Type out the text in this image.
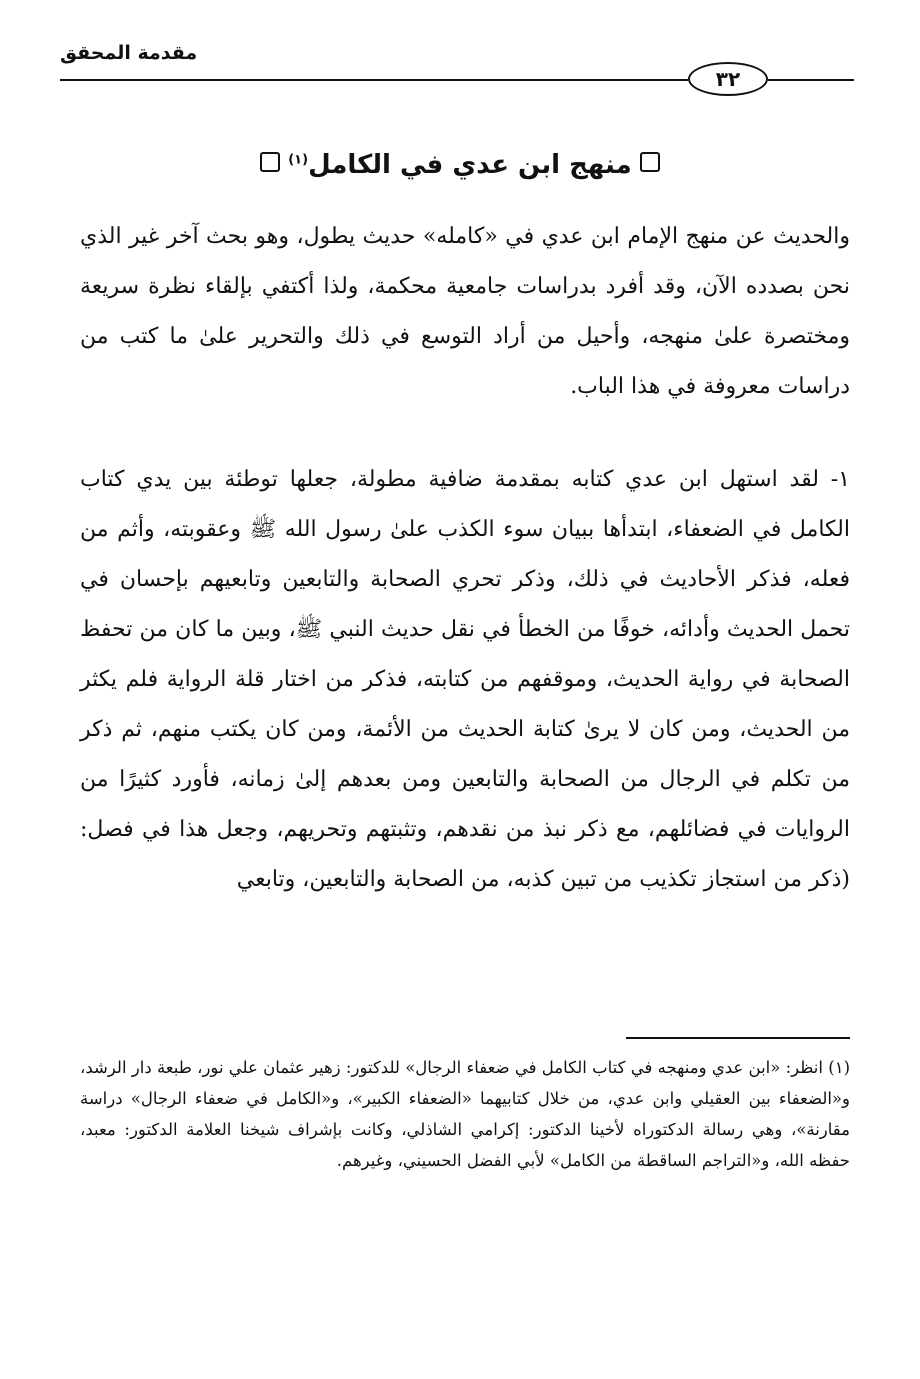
مقدمة المحقق
٣٢
منهج ابن عدي في الكامل$^{(١)}$

والحديث عن منهج الإمام ابن عدي في «كامله» حديث يطول، وهو بحث آخر غير الذي نحن بصدده الآن، وقد أفرد بدراسات جامعية محكمة، ولذا أكتفي بإلقاء نظرة سريعة ومختصرة علىٰ منهجه، وأحيل من أراد التوسع في ذلك والتحرير علىٰ ما كتب من دراسات معروفة في هذا الباب.

١- لقد استهل ابن عدي كتابه بمقدمة ضافية مطولة، جعلها توطئة بين يدي كتاب الكامل في الضعفاء، ابتدأها ببيان سوء الكذب علىٰ رسول الله ﷺ وعقوبته، وأثم من فعله، فذكر الأحاديث في ذلك، وذكر تحري الصحابة والتابعين وتابعيهم بإحسان في تحمل الحديث وأدائه، خوفًا من الخطأ في نقل حديث النبي ﷺ، وبين ما كان من تحفظ الصحابة في رواية الحديث، وموقفهم من كتابته، فذكر من اختار قلة الرواية فلم يكثر من الحديث، ومن كان لا يرىٰ كتابة الحديث من الأئمة، ومن كان يكتب منهم، ثم ذكر من تكلم في الرجال من الصحابة والتابعين ومن بعدهم إلىٰ زمانه، فأورد كثيرًا من الروايات في فضائلهم، مع ذكر نبذ من نقدهم، وتثبتهم وتحريهم، وجعل هذا في فصل: (ذكر من استجاز تكذيب من تبين كذبه، من الصحابة والتابعين، وتابعي

(١) انظر: «ابن عدي ومنهجه في كتاب الكامل في ضعفاء الرجال» للدكتور: زهير عثمان علي نور، طبعة دار الرشد، و«الضعفاء بين العقيلي وابن عدي، من خلال كتابيهما «الضعفاء الكبير»، و«الكامل في ضعفاء الرجال» دراسة مقارنة»، وهي رسالة الدكتوراه لأخينا الدكتور: إكرامي الشاذلي، وكانت بإشراف شيخنا العلامة الدكتور: معبد، حفظه الله، و«التراجم الساقطة من الكامل» لأبي الفضل الحسيني، وغيرهم.
